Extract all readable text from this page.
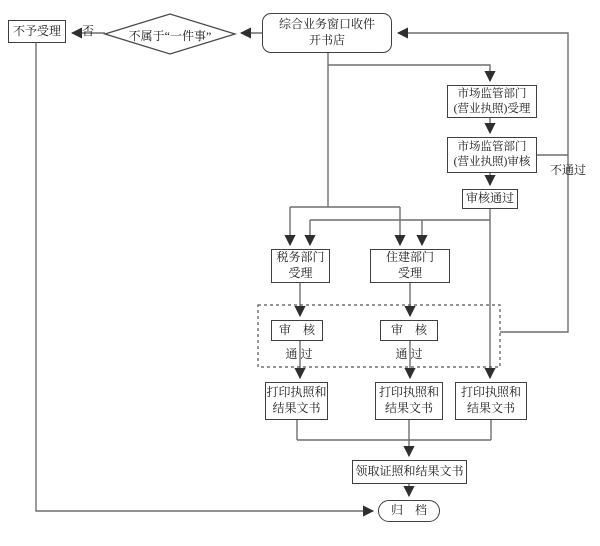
不属于“一件事”
否
不予受理	综合业务窗口收件
开书店
市场监管部门
(营业执照)受理
市场监管部门
(营业执照)审核
不通过
审核通过
税务部门
受理
住建部门
受理
审　核
通 过
审　核
通 过
打印执照和
结果文书
打印执照和
结果文书
打印执照和
结果文书
领取证照和结果文书
归　档
